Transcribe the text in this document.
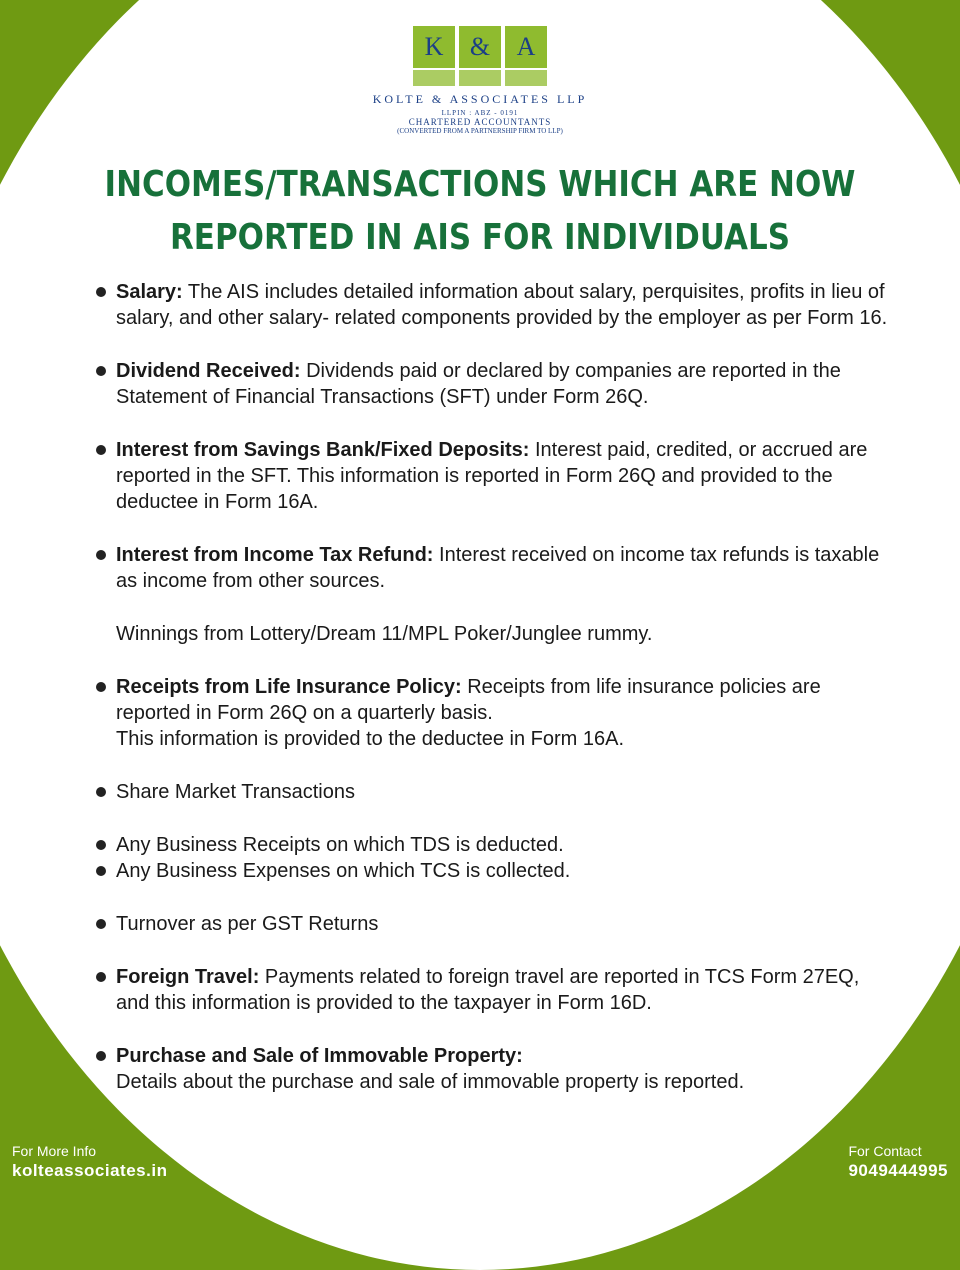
K	&	A
KOLTE & ASSOCIATES LLP
LLPIN : ABZ - 0191
CHARTERED ACCOUNTANTS
(CONVERTED FROM A PARTNERSHIP FIRM TO LLP)
INCOMES/TRANSACTIONS WHICH ARE NOW
REPORTED IN AIS FOR INDIVIDUALS
Salary: The AIS includes detailed information about salary, perquisites, profits in lieu of salary, and other salary- related components provided by the employer as per Form 16.
Dividend Received: Dividends paid or declared by companies are reported in the Statement of Financial Transactions (SFT) under Form 26Q.
Interest from Savings Bank/Fixed Deposits: Interest paid, credited, or accrued are reported in the SFT. This information is reported in Form 26Q and provided to the deductee in Form 16A.
Interest from Income Tax Refund: Interest received on income tax refunds is taxable as income from other sources.
Winnings from Lottery/Dream 11/MPL Poker/Junglee rummy.
Receipts from Life Insurance Policy: Receipts from life insurance policies are reported in Form 26Q on a quarterly basis.
This information is provided to the deductee in Form 16A.
Share Market Transactions
Any Business Receipts on which TDS is deducted.
Any Business Expenses on which TCS is collected.
Turnover as per GST Returns
Foreign Travel: Payments related to foreign travel are reported in TCS Form 27EQ, and this information is provided to the taxpayer in Form 16D.
Purchase and Sale of Immovable Property:
Details about the purchase and sale of immovable property is reported.
For More Info
kolteassociates.in
For Contact
9049444995
